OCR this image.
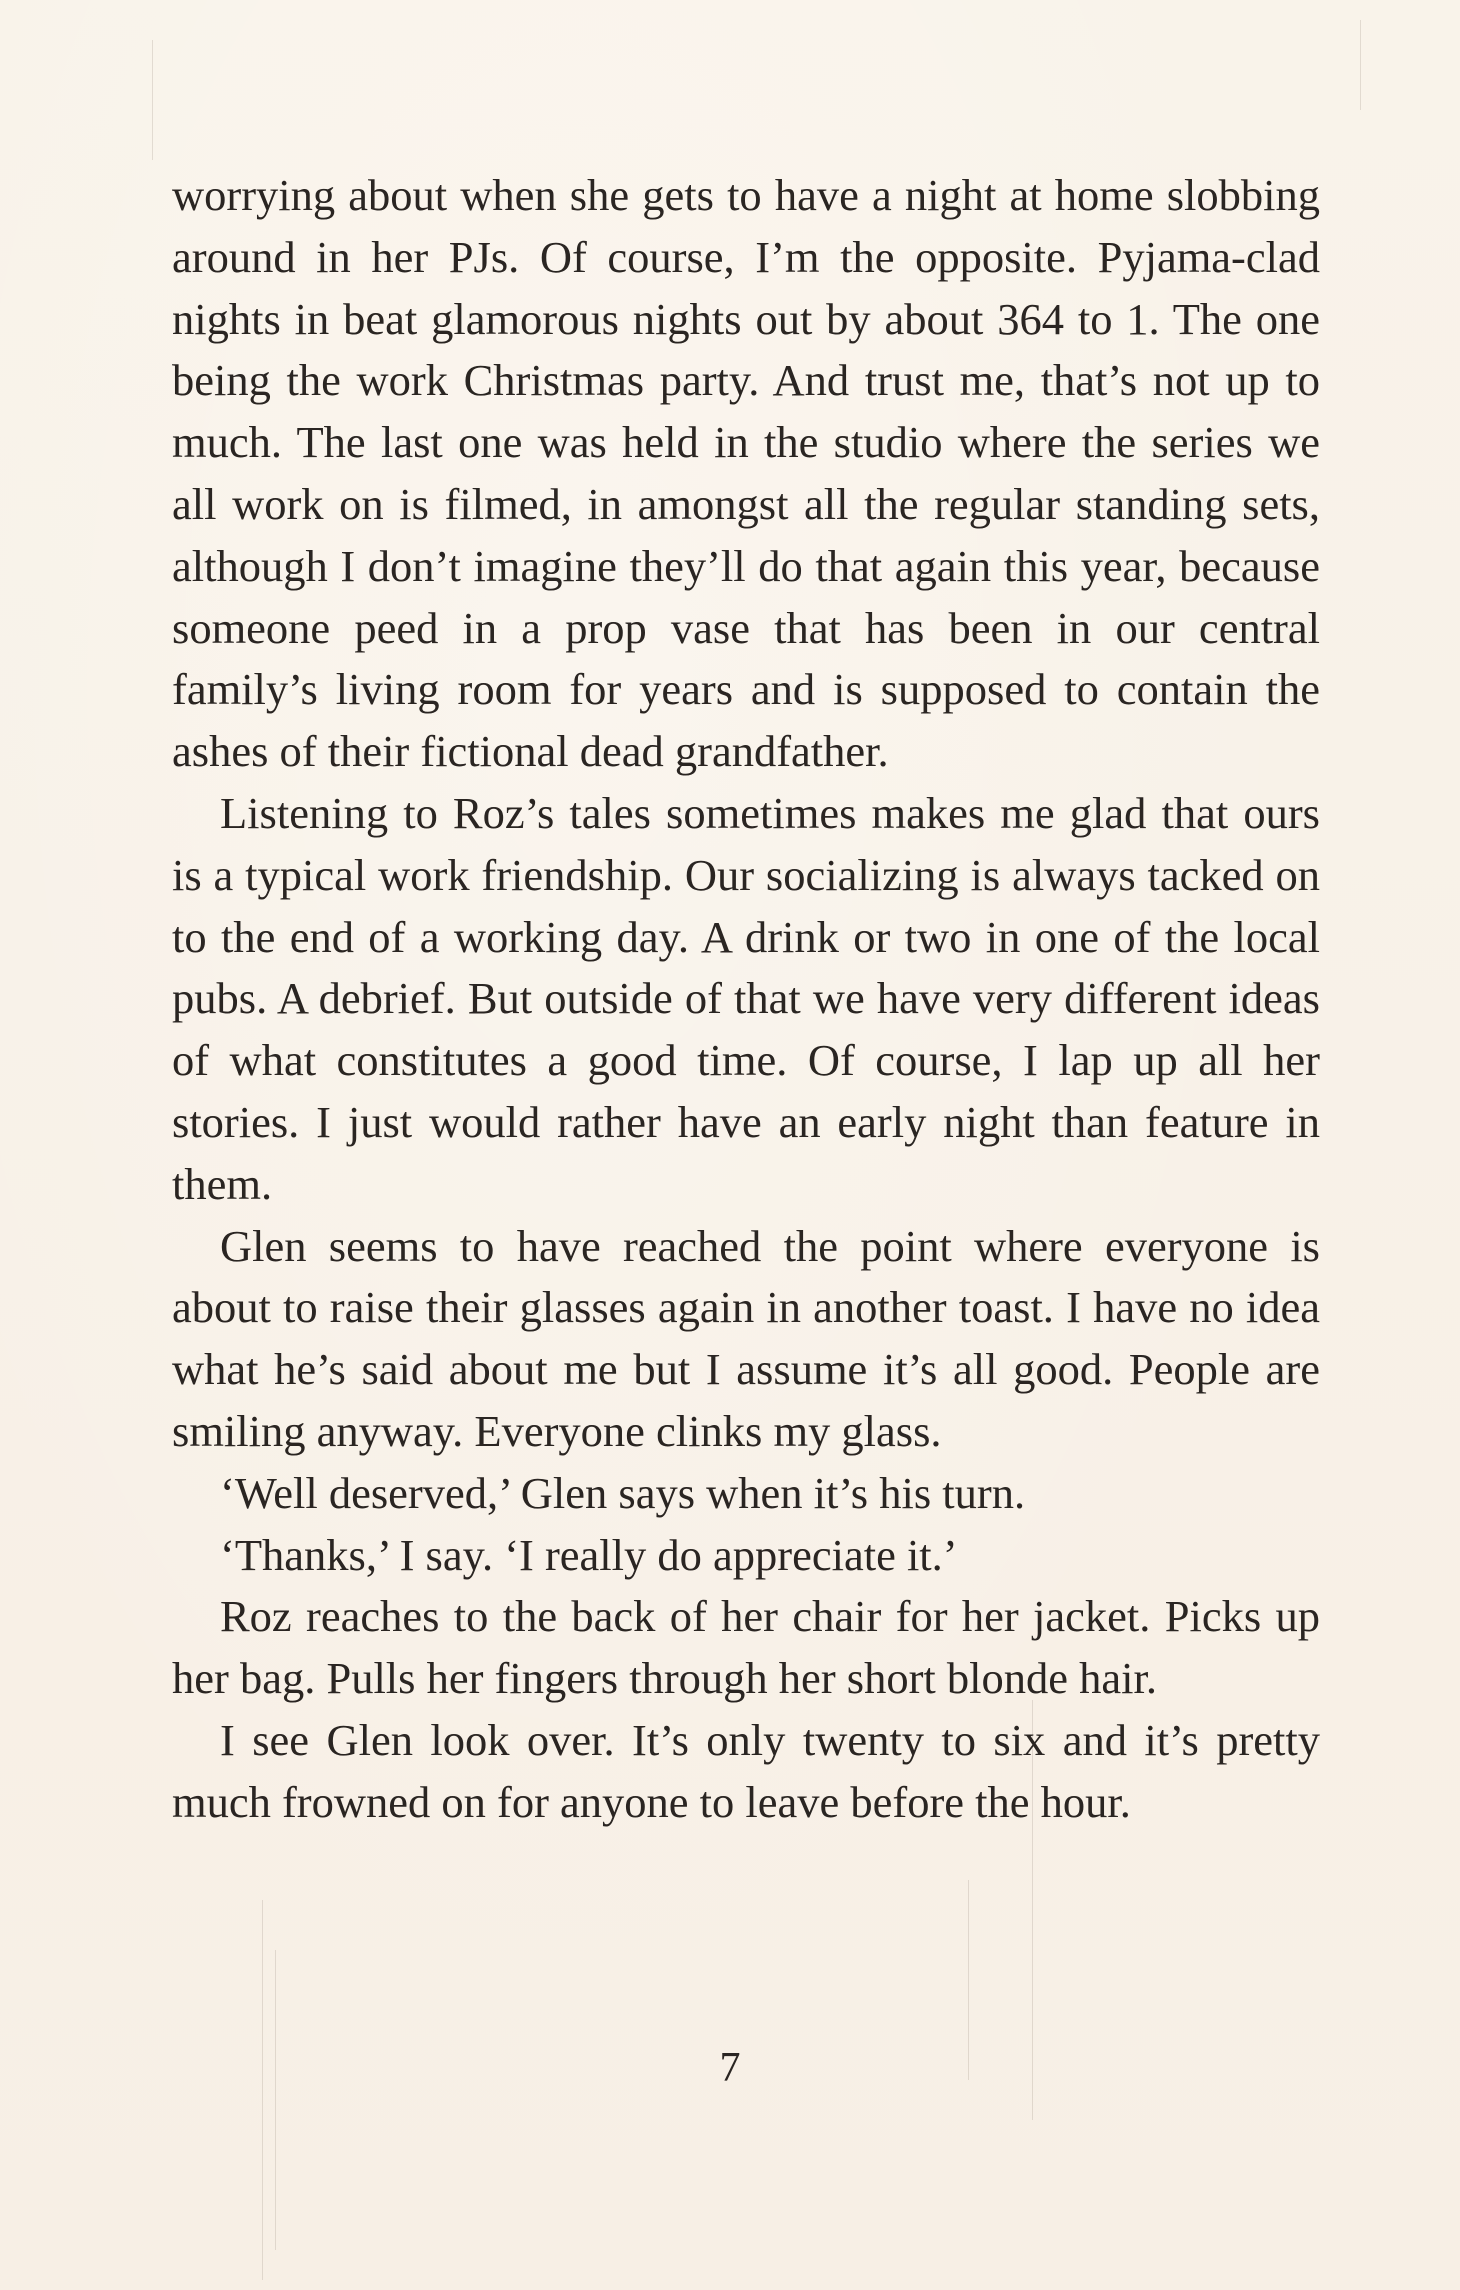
worrying about when she gets to have a night at home slobbing around in her PJs. Of course, I’m the opposite. Pyjama-clad nights in beat glamorous nights out by about 364 to 1. The one being the work Christmas party. And trust me, that’s not up to much. The last one was held in the studio where the series we all work on is filmed, in amongst all the regular standing sets, although I don’t imagine they’ll do that again this year, because someone peed in a prop vase that has been in our central family’s living room for years and is supposed to contain the ashes of their fictional dead grandfather.

Listening to Roz’s tales sometimes makes me glad that ours is a typical work friendship. Our socializing is always tacked on to the end of a working day. A drink or two in one of the local pubs. A debrief. But outside of that we have very different ideas of what constitutes a good time. Of course, I lap up all her stories. I just would rather have an early night than feature in them.

Glen seems to have reached the point where everyone is about to raise their glasses again in another toast. I have no idea what he’s said about me but I assume it’s all good. People are smiling anyway. Everyone clinks my glass.

‘Well deserved,’ Glen says when it’s his turn.

‘Thanks,’ I say. ‘I really do appreciate it.’

Roz reaches to the back of her chair for her jacket. Picks up her bag. Pulls her fingers through her short blonde hair.

I see Glen look over. It’s only twenty to six and it’s pretty much frowned on for anyone to leave before the hour.

7
